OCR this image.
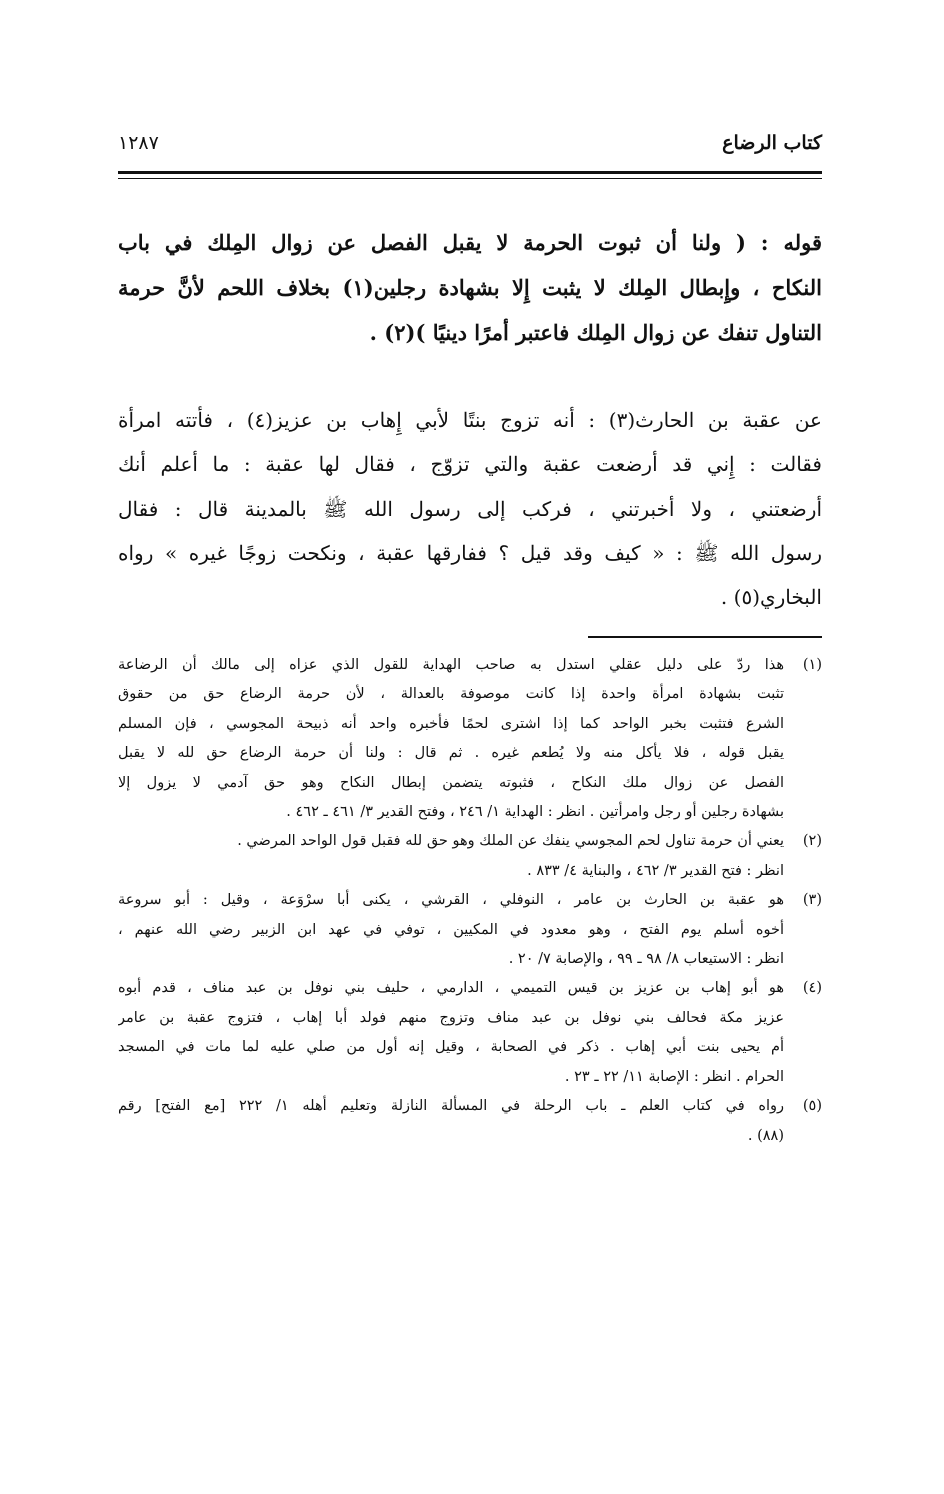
كتاب الرضاع
١٢٨٧
قوله : ( ولنا أن ثبوت الحرمة لا يقبل الفصل عن زوال المِلك في باب
النكاح ، وإِبطال المِلك لا يثبت إِلا بشهادة رجلين(١) بخلاف اللحم لأنَّ حرمة
التناول تنفك عن زوال المِلك فاعتبر أمرًا دينيًا )(٢) .
عن عقبة بن الحارث(٣) : أنه تزوج بنتًا لأبي إِهاب بن عزيز(٤) ، فأتته امرأة
فقالت : إِني قد أرضعت عقبة والتي تزوّج ، فقال لها عقبة : ما أعلم أنك
أرضعتني ، ولا أخبرتني ، فركب إلى رسول الله ﷺ بالمدينة قال : فقال
رسول الله ﷺ : « كيف وقد قيل ؟ ففارقها عقبة ، ونكحت زوجًا غيره » رواه
البخاري(٥) .
(١)
هذا ردّ على دليل عقلي استدل به صاحب الهداية للقول الذي عزاه إلى مالك أن الرضاعة
تثبت بشهادة امرأة واحدة إذا كانت موصوفة بالعدالة ، لأن حرمة الرضاع حق من حقوق
الشرع فتثبت بخبر الواحد كما إذا اشترى لحمًا فأخبره واحد أنه ذبيحة المجوسي ، فإن المسلم
يقبل قوله ، فلا يأكل منه ولا يُطعم غيره . ثم قال : ولنا أن حرمة الرضاع حق لله لا يقبل
الفصل عن زوال ملك النكاح ، فثبوته يتضمن إبطال النكاح وهو حق آدمي لا يزول إلا
بشهادة رجلين أو رجل وامرأتين . انظر : الهداية ١/ ٢٤٦ ، وفتح القدير ٣/ ٤٦١ ـ ٤٦٢ .
(٢)
يعني أن حرمة تناول لحم المجوسي ينفك عن الملك وهو حق لله فقبل قول الواحد المرضي .
انظر : فتح القدير ٣/ ٤٦٢ ، والبناية ٤/ ٨٣٣ .
(٣)
هو عقبة بن الحارث بن عامر ، النوفلي ، القرشي ، يكنى أبا سرْوَعة ، وقيل : أبو سروعة
أخوه أسلم يوم الفتح ، وهو معدود في المكيين ، توفي في عهد ابن الزبير رضي الله عنهم ،
انظر : الاستيعاب ٨/ ٩٨ ـ ٩٩ ، والإصابة ٧/ ٢٠ .
(٤)
هو أبو إهاب بن عزيز بن قيس التميمي ، الدارمي ، حليف بني نوفل بن عبد مناف ، قدم أبوه
عزيز مكة فحالف بني نوفل بن عبد مناف وتزوج منهم فولد أبا إهاب ، فتزوج عقبة بن عامر
أم يحيى بنت أبي إهاب . ذكر في الصحابة ، وقيل إنه أول من صلي عليه لما مات في المسجد
الحرام . انظر : الإصابة ١١/ ٢٢ ـ ٢٣ .
(٥)
رواه في كتاب العلم ـ باب الرحلة في المسألة النازلة وتعليم أهله ١/ ٢٢٢ [مع الفتح] رقم
(٨٨) .
